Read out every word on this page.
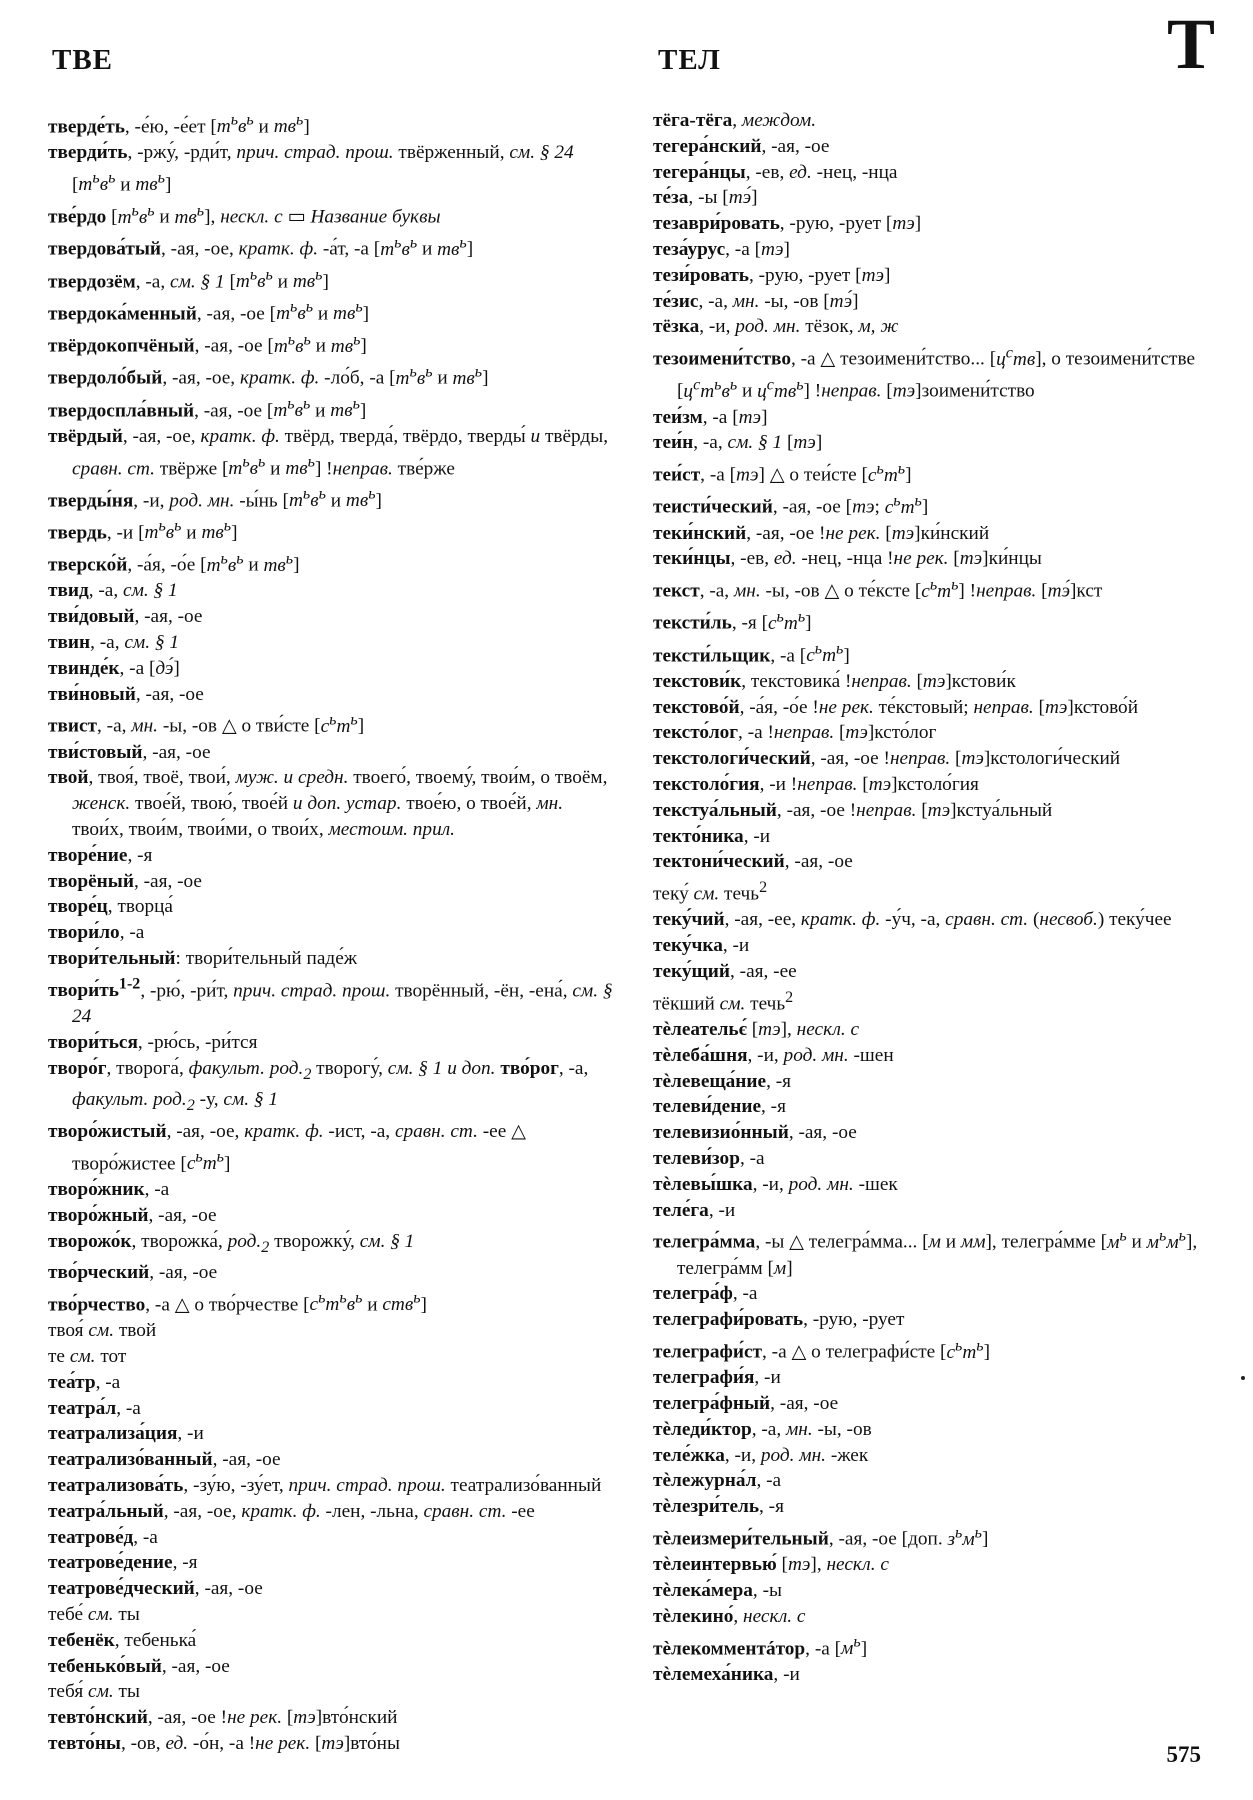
ТВЕ	ТЕЛ	Т

тверде́ть, -е́ю, -е́ет [$т^ьв^ь$ и $тв^ь$]

тверди́ть, -ржу́, -рди́т, прич. страд. прош. твёрженный, см. § 24 [$т^ьв^ь$ и $тв^ь$]

тве́рдо [$т^ьв^ь$ и $тв^ь$], нескл. с ▭ Название буквы

твердова́тый, -ая, -ое, кратк. ф. -а́т, -а [$т^ьв^ь$ и $тв^ь$]

твердозём, -а, см. § 1 [$т^ьв^ь$ и $тв^ь$]

твердока́менный, -ая, -ое [$т^ьв^ь$ и $тв^ь$]

твёрдокопчёный, -ая, -ое [$т^ьв^ь$ и $тв^ь$]

твердоло́бый, -ая, -ое, кратк. ф. -ло́б, -а [$т^ьв^ь$ и $тв^ь$]

твердоспла́вный, -ая, -ое [$т^ьв^ь$ и $тв^ь$]

твёрдый, -ая, -ое, кратк. ф. твёрд, тверда́, твёрдо, тверды́ и твёрды, сравн. ст. твёрже [$т^ьв^ь$ и $тв^ь$] !неправ. тве́рже

тверды́ня, -и, род. мн. -ы́нь [$т^ьв^ь$ и $тв^ь$]

твердь, -и [$т^ьв^ь$ и $тв^ь$]

тверско́й, -а́я, -о́е [$т^ьв^ь$ и $тв^ь$]

твид, -а, см. § 1

тви́довый, -ая, -ое

твин, -а, см. § 1

твинде́к, -а [дэ́]

тви́новый, -ая, -ое

твист, -а, мн. -ы, -ов △ о тви́сте $[с^ьт^ь]$

тви́стовый, -ая, -ое

твой, твоя́, твоё, твои́, муж. и средн. твоего́, твоему́, твои́м, о твоём, женск. твое́й, твою́, твое́й и доп. устар. твое́ю, о твое́й, мн. твои́х, твои́м, твои́ми, о твои́х, местоим. прил.

творе́ние, -я

творёный, -ая, -ое

творе́ц, творца́

твори́ло, -а

твори́тельный: твори́тельный паде́ж

$твори́ть^{1-2}$, -рю́, -ри́т, прич. страд. прош. творённый, -ён, -ена́, см. § 24

твори́ться, -рю́сь, -ри́тся

творо́г, творога́, факульт. $род._2$ творогу́, см. § 1 и доп. тво́рог, -а, факульт. $род._2$ -у, см. § 1

творо́жистый, -ая, -ое, кратк. ф. -ист, -а, сравн. ст. -ее △ творо́жистее $[с^ьт^ь]$

творо́жник, -а

творо́жный, -ая, -ое

творожо́к, творожка́, $род._2$ творожку́, см. § 1

тво́рческий, -ая, -ое

тво́рчество, -а △ о тво́рчестве [$с^ьт^ьв^ь$ и ств$^ь$]

твоя́ см. твой

те см. тот

теа́тр, -а

театра́л, -а

театрализа́ция, -и

театрализо́ванный, -ая, -ое

театрализова́ть, -зу́ю, -зу́ет, прич. страд. прош. театрализо́ванный

театра́льный, -ая, -ое, кратк. ф. -лен, -льна, сравн. ст. -ее

театрове́д, -а

театрове́дение, -я

театрове́дческий, -ая, -ое

тебе́ см. ты

тебенёк, тебенька́

тебенько́вый, -ая, -ое

тебя́ см. ты

тевто́нский, -ая, -ое !не рек. [тэ]вто́нский

тевто́ны, -ов, ед. -о́н, -а !не рек. [тэ]вто́ны

тёга-тёга, междом.

тегера́нский, -ая, -ое

тегера́нцы, -ев, ед. -нец, -нца

те́за, -ы [тэ́]

тезаври́ровать, -рую, -рует [тэ]

теза́урус, -а [тэ]

тези́ровать, -рую, -рует [тэ]

те́зис, -а, мн. -ы, -ов [тэ́]

тёзка, -и, род. мн. тёзок, м, ж

тезоимени́тство, -а △ тезоимени́тство... $[ц^ств]$, о тезоимени́тстве [$ц^ст^ьв^ь$ и $ц^ств^ь$] !неправ. [тэ]зоимени́тство

теи́зм, -а [тэ]

теи́н, -а, см. § 1 [тэ]

теи́ст, -а [тэ] △ о теи́сте $[с^ьт^ь]$

теисти́ческий, -ая, -ое [тэ; $с^ьт^ь$]

теки́нский, -ая, -ое !не рек. [тэ]ки́нский

теки́нцы, -ев, ед. -нец, -нца !не рек. [тэ]ки́нцы

текст, -а, мн. -ы, -ов △ о те́ксте $[с^ьт^ь]$ !неправ. [тэ́]кст

тексти́ль, -я $[с^ьт^ь]$

тексти́льщик, -а $[с^ьт^ь]$

текстови́к, текстовика́ !неправ. [тэ]кстови́к

текстово́й, -а́я, -о́е !не рек. те́кстовый; неправ. [тэ]кстово́й

тексто́лог, -а !неправ. [тэ]ксто́лог

текстологи́ческий, -ая, -ое !неправ. [тэ]кстологи́ческий

текстоло́гия, -и !неправ. [тэ]кстоло́гия

текстуа́льный, -ая, -ое !неправ. [тэ]кстуа́льный

текто́ника, -и

тектони́ческий, -ая, -ое

теку́ см. течь$^2$

теку́чий, -ая, -ее, кратк. ф. -у́ч, -а, сравн. ст. (несвоб.) теку́чее

теку́чка, -и

теку́щий, -ая, -ее

тёкший см. течь$^2$

тѐлеательє́ [тэ], нескл. с

тѐлеба́шня, -и, род. мн. -шен

тѐлевеща́ние, -я

телеви́дение, -я

телевизио́нный, -ая, -ое

телеви́зор, -а

тѐлевы́шка, -и, род. мн. -шек

теле́га, -и

телегра́мма, -ы △ телегра́мма... [м и мм], телегра́мме [$м^ь$ и $м^ьм^ь$], телегра́мм [м]

телегра́ф, -а

телеграфи́ровать, -рую, -рует

телеграфи́ст, -а △ о телеграфи́сте $[с^ьт^ь]$

телеграфи́я, -и

телегра́фный, -ая, -ое

тѐледи́ктор, -а, мн. -ы, -ов

теле́жка, -и, род. мн. -жек

тѐлежурна́л, -а

тѐлезри́тель, -я

тѐлеизмери́тельный, -ая, -ое [доп. $з^ьм^ь$]

тѐлеинтервью́ [тэ], нескл. с

тѐлека́мера, -ы

тѐлекино́, нескл. с

тѐлекомментáтор, -а $[м^ь]$

тѐлемеха́ника, -и

575
